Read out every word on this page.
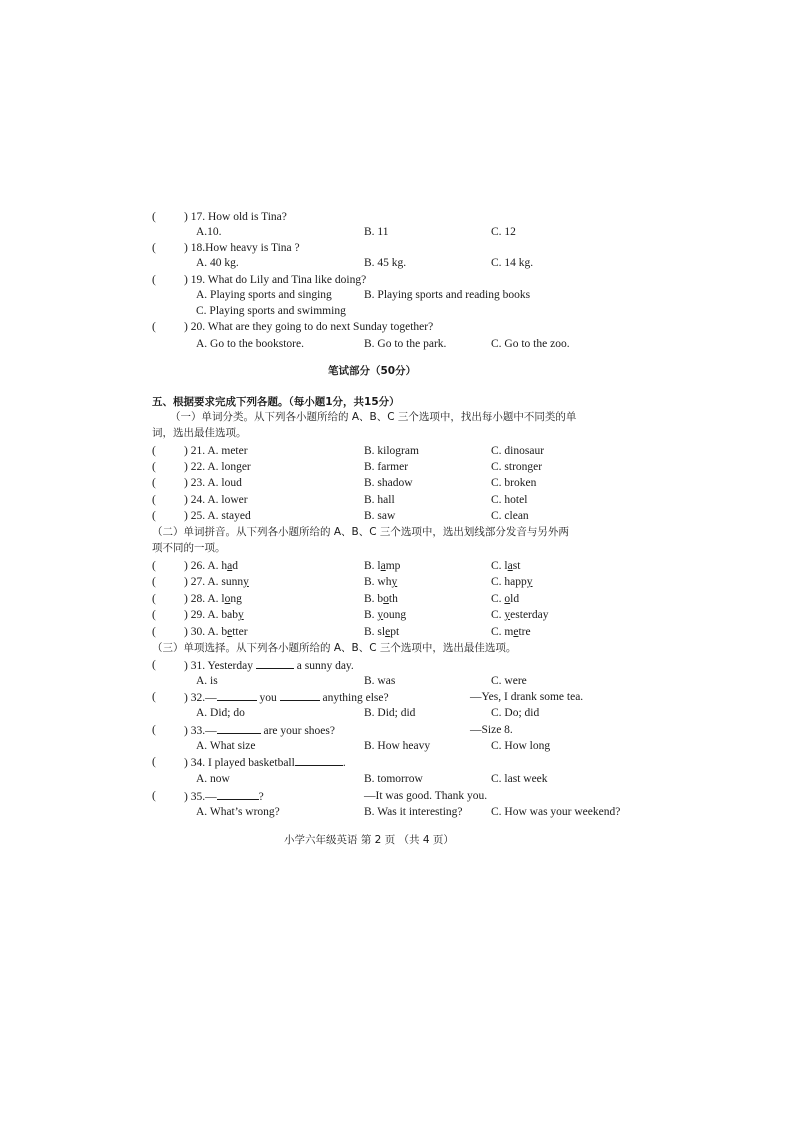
( ) 17. How old is Tina?
A.10.	B. 11	C. 12
( ) 18.How heavy is Tina ?
A. 40 kg.	B. 45 kg.	C. 14 kg.
( ) 19. What do Lily and Tina like doing?
A. Playing sports and singing	B. Playing sports and reading books
C. Playing sports and swimming
( ) 20. What are they going to do next Sunday together?
A. Go to the bookstore.	B. Go to the park.	C. Go to the zoo.
笔试部分（50分）
五、根据要求完成下列各题。（每小题1分，共15分）
（一）单词分类。从下列各小题所给的 A、B、C 三个选项中，找出每小题中不同类的单
词，选出最佳选项。
( ) 21. A. meter	B. kilogram	C. dinosaur
( ) 22. A. longer	B. farmer	C. stronger
( ) 23. A. loud	B. shadow	C. broken
( ) 24. A. lower	B. hall	C. hotel
( ) 25. A. stayed	B. saw	C. clean
（二）单词拼音。从下列各小题所给的 A、B、C 三个选项中，选出划线部分发音与另外两
项不同的一项。
( ) 26. A. had	B. lamp	C. last
( ) 27. A. sunny	B. why	C. happy
( ) 28. A. long	B. both	C. old
( ) 29. A. baby	B. young	C. yesterday
( ) 30. A. better	B. slept	C. metre
（三）单项选择。从下列各小题所给的 A、B、C 三个选项中，选出最佳选项。
( ) 31. Yesterday	a sunny day.
A. is	B. was	C. were
( ) 32.—	you	anything else?	—Yes, I drank some tea.
A. Did; do	B. Did; did	C. Do; did
( ) 33.—	are your shoes?	—Size 8.
A. What size	B. How heavy	C. How long
( ) 34. I played basketball	.
A. now	B. tomorrow	C. last week
( ) 35.—	?	—It was good. Thank you.
A. What’s wrong?	B. Was it interesting? C. How was your weekend?
小学六年级英语 第 2 页 （共 4 页）
